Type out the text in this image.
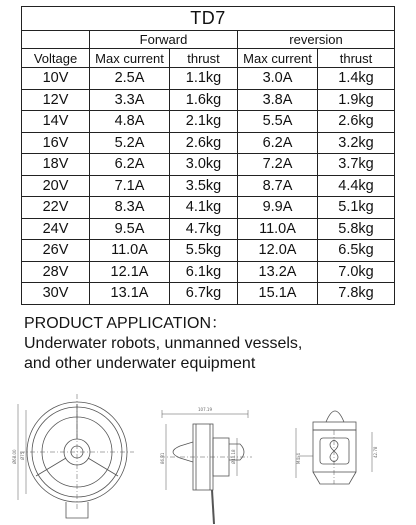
TD7				
	Forward		reversion	
Voltage	Max current	thrust	Max current	thrust
10V	2.5A	1.1kg	3.0A	1.4kg
12V	3.3A	1.6kg	3.8A	1.9kg
14V	4.8A	2.1kg	5.5A	2.6kg
16V	5.2A	2.6kg	6.2A	3.2kg
18V	6.2A	3.0kg	7.2A	3.7kg
20V	7.1A	3.5kg	8.7A	4.4kg
22V	8.3A	4.1kg	9.9A	5.1kg
24V	9.5A	4.7kg	11.0A	5.8kg
26V	11.0A	5.5kg	12.0A	6.5kg
28V	12.1A	6.1kg	13.2A	7.0kg
30V	13.1A	6.7kg	15.1A	7.8kg
PRODUCT APPLICATION：
Underwater robots, unmanned vessels,
and other underwater equipment
Ø68.00 Ø75
107.19
86.81	Ø41.18	M4x4
42.78
